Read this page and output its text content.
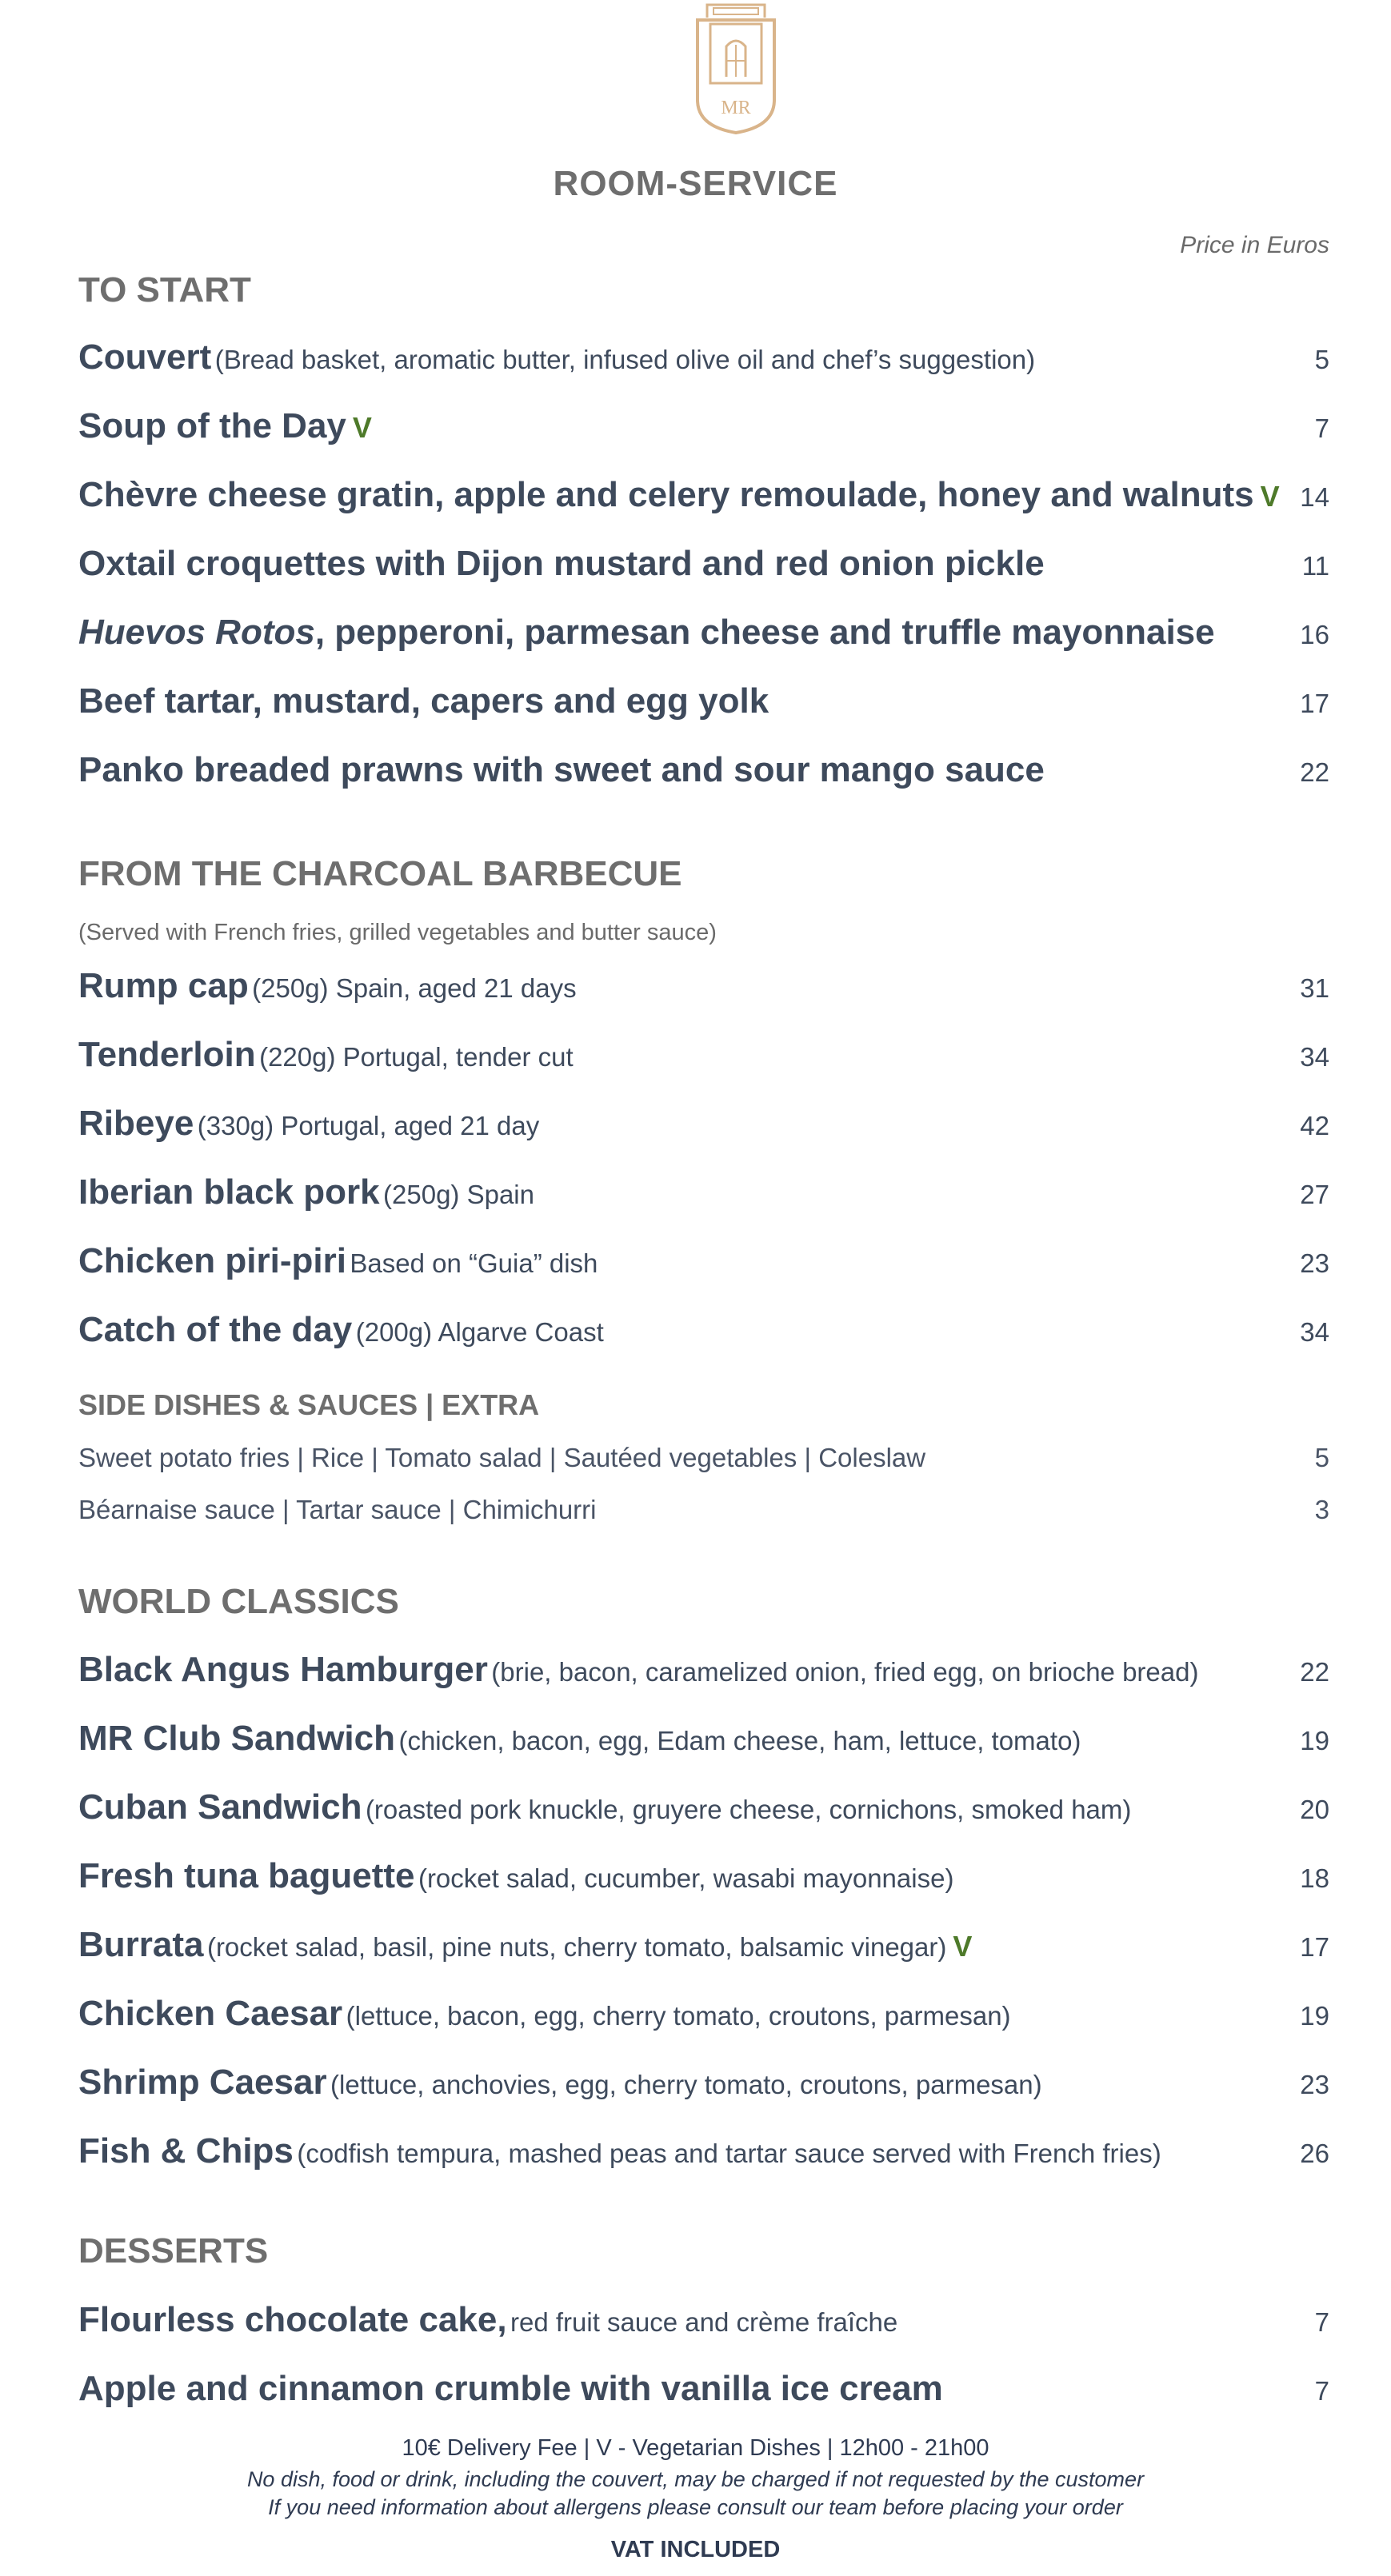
MR
ROOM-SERVICE
Price in Euros
TO START
Couvert (Bread basket, aromatic butter, infused olive oil and chef’s suggestion)	5
Soup of the Day V	7
Chèvre cheese gratin, apple and celery remoulade, honey and walnuts V 14
Oxtail croquettes with Dijon mustard and red onion pickle	11
Huevos Rotos, pepperoni, parmesan cheese and truffle mayonnaise	16
Beef tartar, mustard, capers and egg yolk	17
Panko breaded prawns with sweet and sour mango sauce	22
FROM THE CHARCOAL BARBECUE
(Served with French fries, grilled vegetables and butter sauce)
Rump cap (250g) Spain, aged 21 days	31
Tenderloin (220g) Portugal, tender cut	34
Ribeye (330g) Portugal, aged 21 day	42
Iberian black pork (250g) Spain	27
Chicken piri-piri Based on “Guia” dish	23
Catch of the day (200g) Algarve Coast	34
SIDE DISHES & SAUCES | EXTRA
Sweet potato fries | Rice | Tomato salad | Sautéed vegetables | Coleslaw	5
Béarnaise sauce | Tartar sauce | Chimichurri	3
WORLD CLASSICS
Black Angus Hamburger (brie, bacon, caramelized onion, fried egg, on brioche bread)	22
MR Club Sandwich (chicken, bacon, egg, Edam cheese, ham, lettuce, tomato)	19
Cuban Sandwich (roasted pork knuckle, gruyere cheese, cornichons, smoked ham)	20
Fresh tuna baguette (rocket salad, cucumber, wasabi mayonnaise)	18
Burrata (rocket salad, basil, pine nuts, cherry tomato, balsamic vinegar) V	17
Chicken Caesar (lettuce, bacon, egg, cherry tomato, croutons, parmesan)	19
Shrimp Caesar (lettuce, anchovies, egg, cherry tomato, croutons, parmesan)	23
Fish & Chips (codfish tempura, mashed peas and tartar sauce served with French fries)	26
DESSERTS
Flourless chocolate cake, red fruit sauce and crème fraîche	7
Apple and cinnamon crumble with vanilla ice cream	7
10€ Delivery Fee | V - Vegetarian Dishes | 12h00 - 21h00
No dish, food or drink, including the couvert, may be charged if not requested by the customer
If you need information about allergens please consult our team before placing your order
VAT INCLUDED
